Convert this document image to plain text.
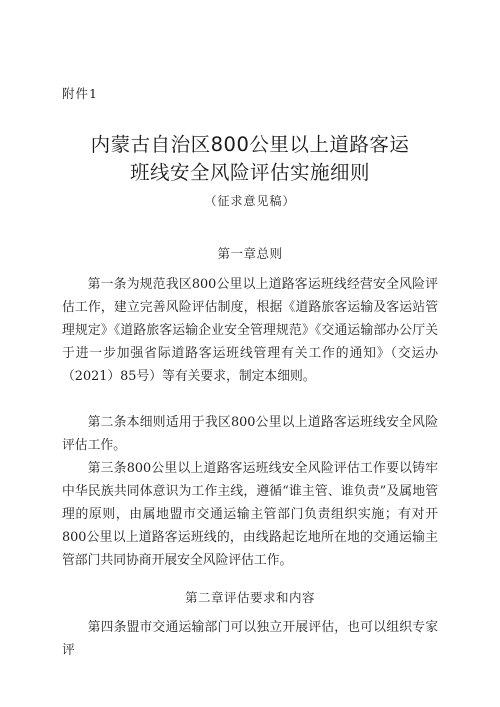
附件1
内蒙古自治区800公里以上道路客运
班线安全风险评估实施细则
（征求意见稿）
第一章总则

第一条为规范我区800公里以上道路客运班线经营安全风险评估工作，建立完善风险评估制度，根据《道路旅客运输及客运站管理规定》《道路旅客运输企业安全管理规范》《交通运输部办公厅关于进一步加强省际道路客运班线管理有关工作的通知》（交运办（2021）85号）等有关要求，制定本细则。

第二条本细则适用于我区800公里以上道路客运班线安全风险评估工作。

第三条800公里以上道路客运班线安全风险评估工作要以铸牢中华民族共同体意识为工作主线，遵循“谁主管、谁负责”及属地管理的原则，由属地盟市交通运输主管部门负责组织实施；有对开800公里以上道路客运班线的，由线路起讫地所在地的交通运输主管部门共同协商开展安全风险评估工作。

第二章评估要求和内容

第四条盟市交通运输部门可以独立开展评估，也可以组织专家评
